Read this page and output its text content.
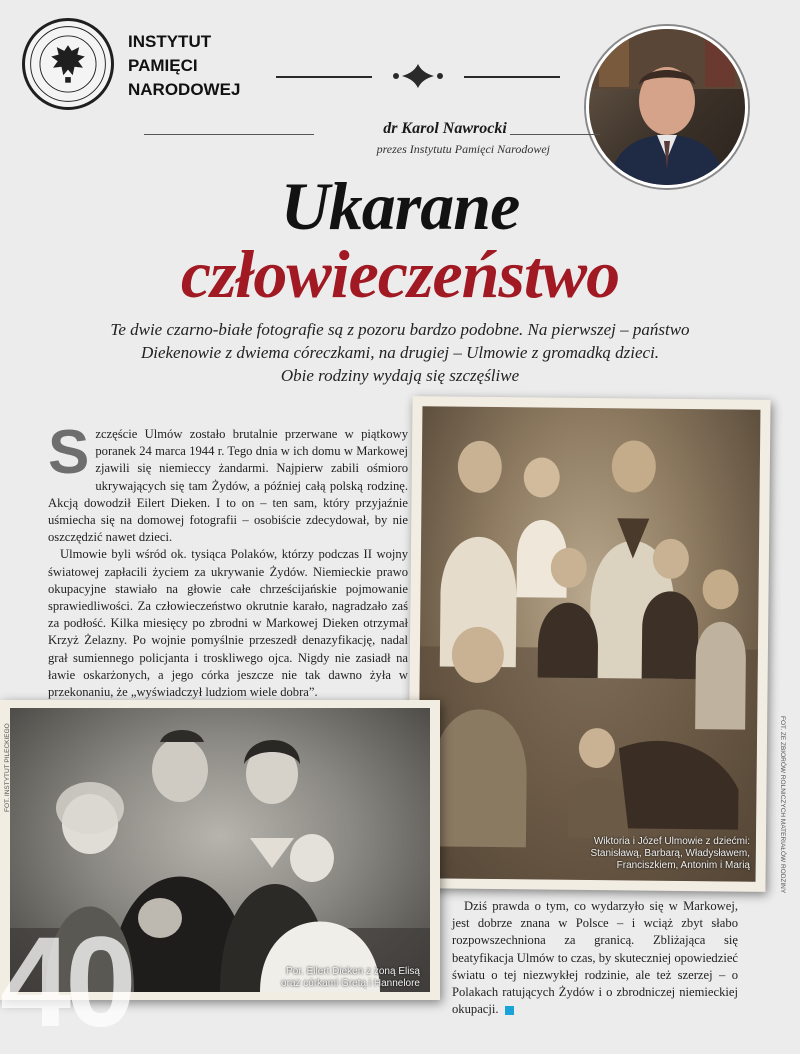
INSTYTUT
PAMIĘCI
NARODOWEJ
dr Karol Nawrocki
prezes Instytutu Pamięci Narodowej
Ukarane
człowieczeństwo
Te dwie czarno-białe fotografie są z pozoru bardzo podobne. Na pierwszej – państwo
Diekenowie z dwiema córeczkami, na drugiej – Ulmowie z gromadką dzieci.
Obie rodziny wydają się szczęśliwe

Szczęście Ulmów zostało brutalnie przerwane w piątkowy poranek 24 marca 1944 r. Tego dnia w ich domu w Markowej zjawili się niemieccy żandarmi. Najpierw zabili ośmioro ukrywających się tam Żydów, a później całą polską rodzinę. Akcją dowodził Eilert Dieken. I to on – ten sam, który przyjaźnie uśmiecha się na domowej fotografii – osobiście zdecydował, by nie oszczędzić nawet dzieci.

Ulmowie byli wśród ok. tysiąca Polaków, którzy podczas II wojny światowej zapłacili życiem za ukrywanie Żydów. Niemieckie prawo okupacyjne stawiało na głowie całe chrześcijańskie pojmowanie sprawiedliwości. Za człowieczeństwo okrutnie karało, nagradzało zaś za podłość. Kilka miesięcy po zbrodni w Markowej Dieken otrzymał Krzyż Żelazny. Po wojnie pomyślnie przeszedł denazyfikację, nadal grał sumiennego policjanta i troskliwego ojca. Nigdy nie zasiadł na ławie oskarżonych, a jego córka jeszcze nie tak dawno żyła w przekonaniu, że „wyświadczył ludziom wiele dobra”.

Wiktoria i Józef Ulmowie z dziećmi:
Stanisławą, Barbarą, Władysławem,
Franciszkiem, Antonim i Marią
Por. Eilert Dieken z żoną Elisą
oraz córkami Gretą i Hannelore
FOT. INSTYTUT PILECKIEGO	FOT. ZE ZBIORÓW ROLNICZYCH MATERIAŁÓW RODZINY
40

Dziś prawda o tym, co wydarzyło się w Markowej, jest dobrze znana w Polsce – i wciąż zbyt słabo rozpowszechniona za granicą. Zbliżająca się beatyfikacja Ulmów to czas, by skuteczniej opowiedzieć światu o tej niezwykłej rodzinie, ale też szerzej – o Polakach ratujących Żydów i o zbrodniczej niemieckiej okupacji.
